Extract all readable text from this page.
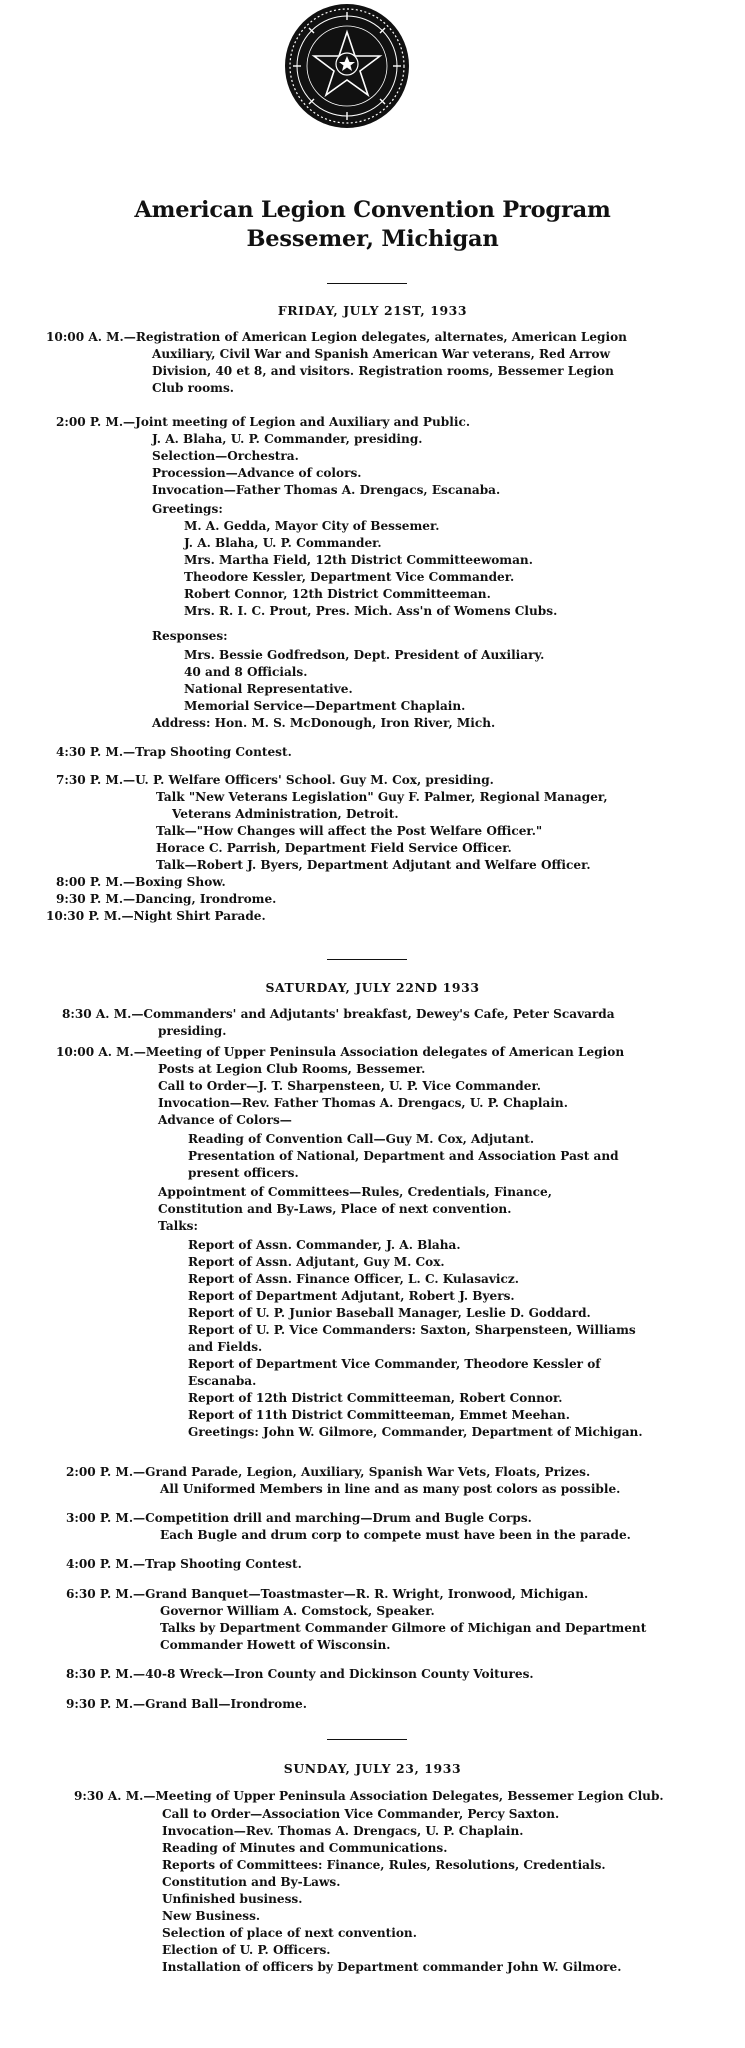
American Legion Convention Program
Bessemer, Michigan
FRIDAY, JULY 21ST, 1933
10:00 A. M.—Registration of American Legion delegates, alternates, American Legion
Auxiliary, Civil War and Spanish American War veterans, Red Arrow
Division, 40 et 8, and visitors. Registration rooms, Bessemer Legion
Club rooms.
2:00 P. M.—Joint meeting of Legion and Auxiliary and Public.
J. A. Blaha, U. P. Commander, presiding.
Selection—Orchestra.
Procession—Advance of colors.
Invocation—Father Thomas A. Drengacs, Escanaba.
Greetings:
M. A. Gedda, Mayor City of Bessemer.
J. A. Blaha, U. P. Commander.
Mrs. Martha Field, 12th District Committeewoman.
Theodore Kessler, Department Vice Commander.
Robert Connor, 12th District Committeeman.
Mrs. R. I. C. Prout, Pres. Mich. Ass'n of Womens Clubs.
Responses:
Mrs. Bessie Godfredson, Dept. President of Auxiliary.
40 and 8 Officials.
National Representative.
Memorial Service—Department Chaplain.
Address: Hon. M. S. McDonough, Iron River, Mich.
4:30 P. M.—Trap Shooting Contest.
7:30 P. M.—U. P. Welfare Officers' School. Guy M. Cox, presiding.
Talk "New Veterans Legislation" Guy F. Palmer, Regional Manager,
Veterans Administration, Detroit.
Talk—"How Changes will affect the Post Welfare Officer."
Horace C. Parrish, Department Field Service Officer.
Talk—Robert J. Byers, Department Adjutant and Welfare Officer.
8:00 P. M.—Boxing Show.
9:30 P. M.—Dancing, Irondrome.
10:30 P. M.—Night Shirt Parade.
SATURDAY, JULY 22ND 1933
8:30 A. M.—Commanders' and Adjutants' breakfast, Dewey's Cafe, Peter Scavarda
presiding.
10:00 A. M.—Meeting of Upper Peninsula Association delegates of American Legion
Posts at Legion Club Rooms, Bessemer.
Call to Order—J. T. Sharpensteen, U. P. Vice Commander.
Invocation—Rev. Father Thomas A. Drengacs, U. P. Chaplain.
Advance of Colors—
Reading of Convention Call—Guy M. Cox, Adjutant.
Presentation of National, Department and Association Past and
present officers.
Appointment of Committees—Rules, Credentials, Finance,
Constitution and By-Laws, Place of next convention.
Talks:
Report of Assn. Commander, J. A. Blaha.
Report of Assn. Adjutant, Guy M. Cox.
Report of Assn. Finance Officer, L. C. Kulasavicz.
Report of Department Adjutant, Robert J. Byers.
Report of U. P. Junior Baseball Manager, Leslie D. Goddard.
Report of U. P. Vice Commanders: Saxton, Sharpensteen, Williams
and Fields.
Report of Department Vice Commander, Theodore Kessler of
Escanaba.
Report of 12th District Committeeman, Robert Connor.
Report of 11th District Committeeman, Emmet Meehan.
Greetings: John W. Gilmore, Commander, Department of Michigan.
2:00 P. M.—Grand Parade, Legion, Auxiliary, Spanish War Vets, Floats, Prizes.
All Uniformed Members in line and as many post colors as possible.
3:00 P. M.—Competition drill and marching—Drum and Bugle Corps.
Each Bugle and drum corp to compete must have been in the parade.
4:00 P. M.—Trap Shooting Contest.
6:30 P. M.—Grand Banquet—Toastmaster—R. R. Wright, Ironwood, Michigan.
Governor William A. Comstock, Speaker.
Talks by Department Commander Gilmore of Michigan and Department
Commander Howett of Wisconsin.
8:30 P. M.—40-8 Wreck—Iron County and Dickinson County Voitures.
9:30 P. M.—Grand Ball—Irondrome.
SUNDAY, JULY 23, 1933
9:30 A. M.—Meeting of Upper Peninsula Association Delegates, Bessemer Legion Club.
Call to Order—Association Vice Commander, Percy Saxton.
Invocation—Rev. Thomas A. Drengacs, U. P. Chaplain.
Reading of Minutes and Communications.
Reports of Committees: Finance, Rules, Resolutions, Credentials.
Constitution and By-Laws.
Unfinished business.
New Business.
Selection of place of next convention.
Election of U. P. Officers.
Installation of officers by Department commander John W. Gilmore.
